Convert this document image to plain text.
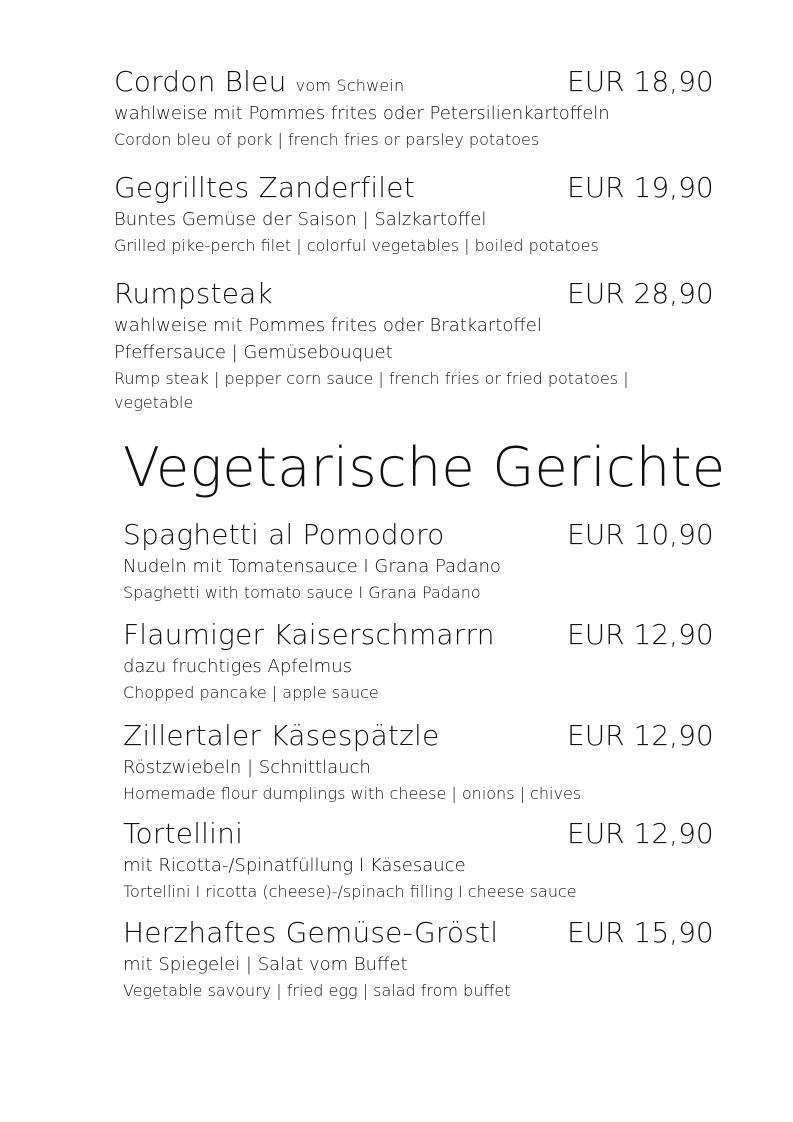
Cordon Bleu vom Schwein	EUR 18,90
wahlweise mit Pommes frites oder Petersilienkartoffeln
Cordon bleu of pork | french fries or parsley potatoes
Gegrilltes Zanderfilet	EUR 19,90
Buntes Gemüse der Saison | Salzkartoffel
Grilled pike-perch filet | colorful vegetables | boiled potatoes
Rumpsteak	EUR 28,90
wahlweise mit Pommes frites oder Bratkartoffel
Pfeffersauce | Gemüsebouquet
Rump steak | pepper corn sauce | french fries or fried potatoes | vegetable
Vegetarische Gerichte
Spaghetti al Pomodoro	EUR 10,90
Nudeln mit Tomatensauce I Grana Padano
Spaghetti with tomato sauce I Grana Padano
Flaumiger Kaiserschmarrn	EUR 12,90
dazu fruchtiges Apfelmus
Chopped pancake | apple sauce
Zillertaler Käsespätzle	EUR 12,90
Röstzwiebeln | Schnittlauch
Homemade flour dumplings with cheese | onions | chives
Tortellini	EUR 12,90
mit Ricotta-/Spinatfüllung I Käsesauce
Tortellini I ricotta (cheese)-/spinach filling I cheese sauce
Herzhaftes Gemüse-Gröstl EUR 15,90
mit Spiegelei | Salat vom Buffet
Vegetable savoury | fried egg | salad from buffet
